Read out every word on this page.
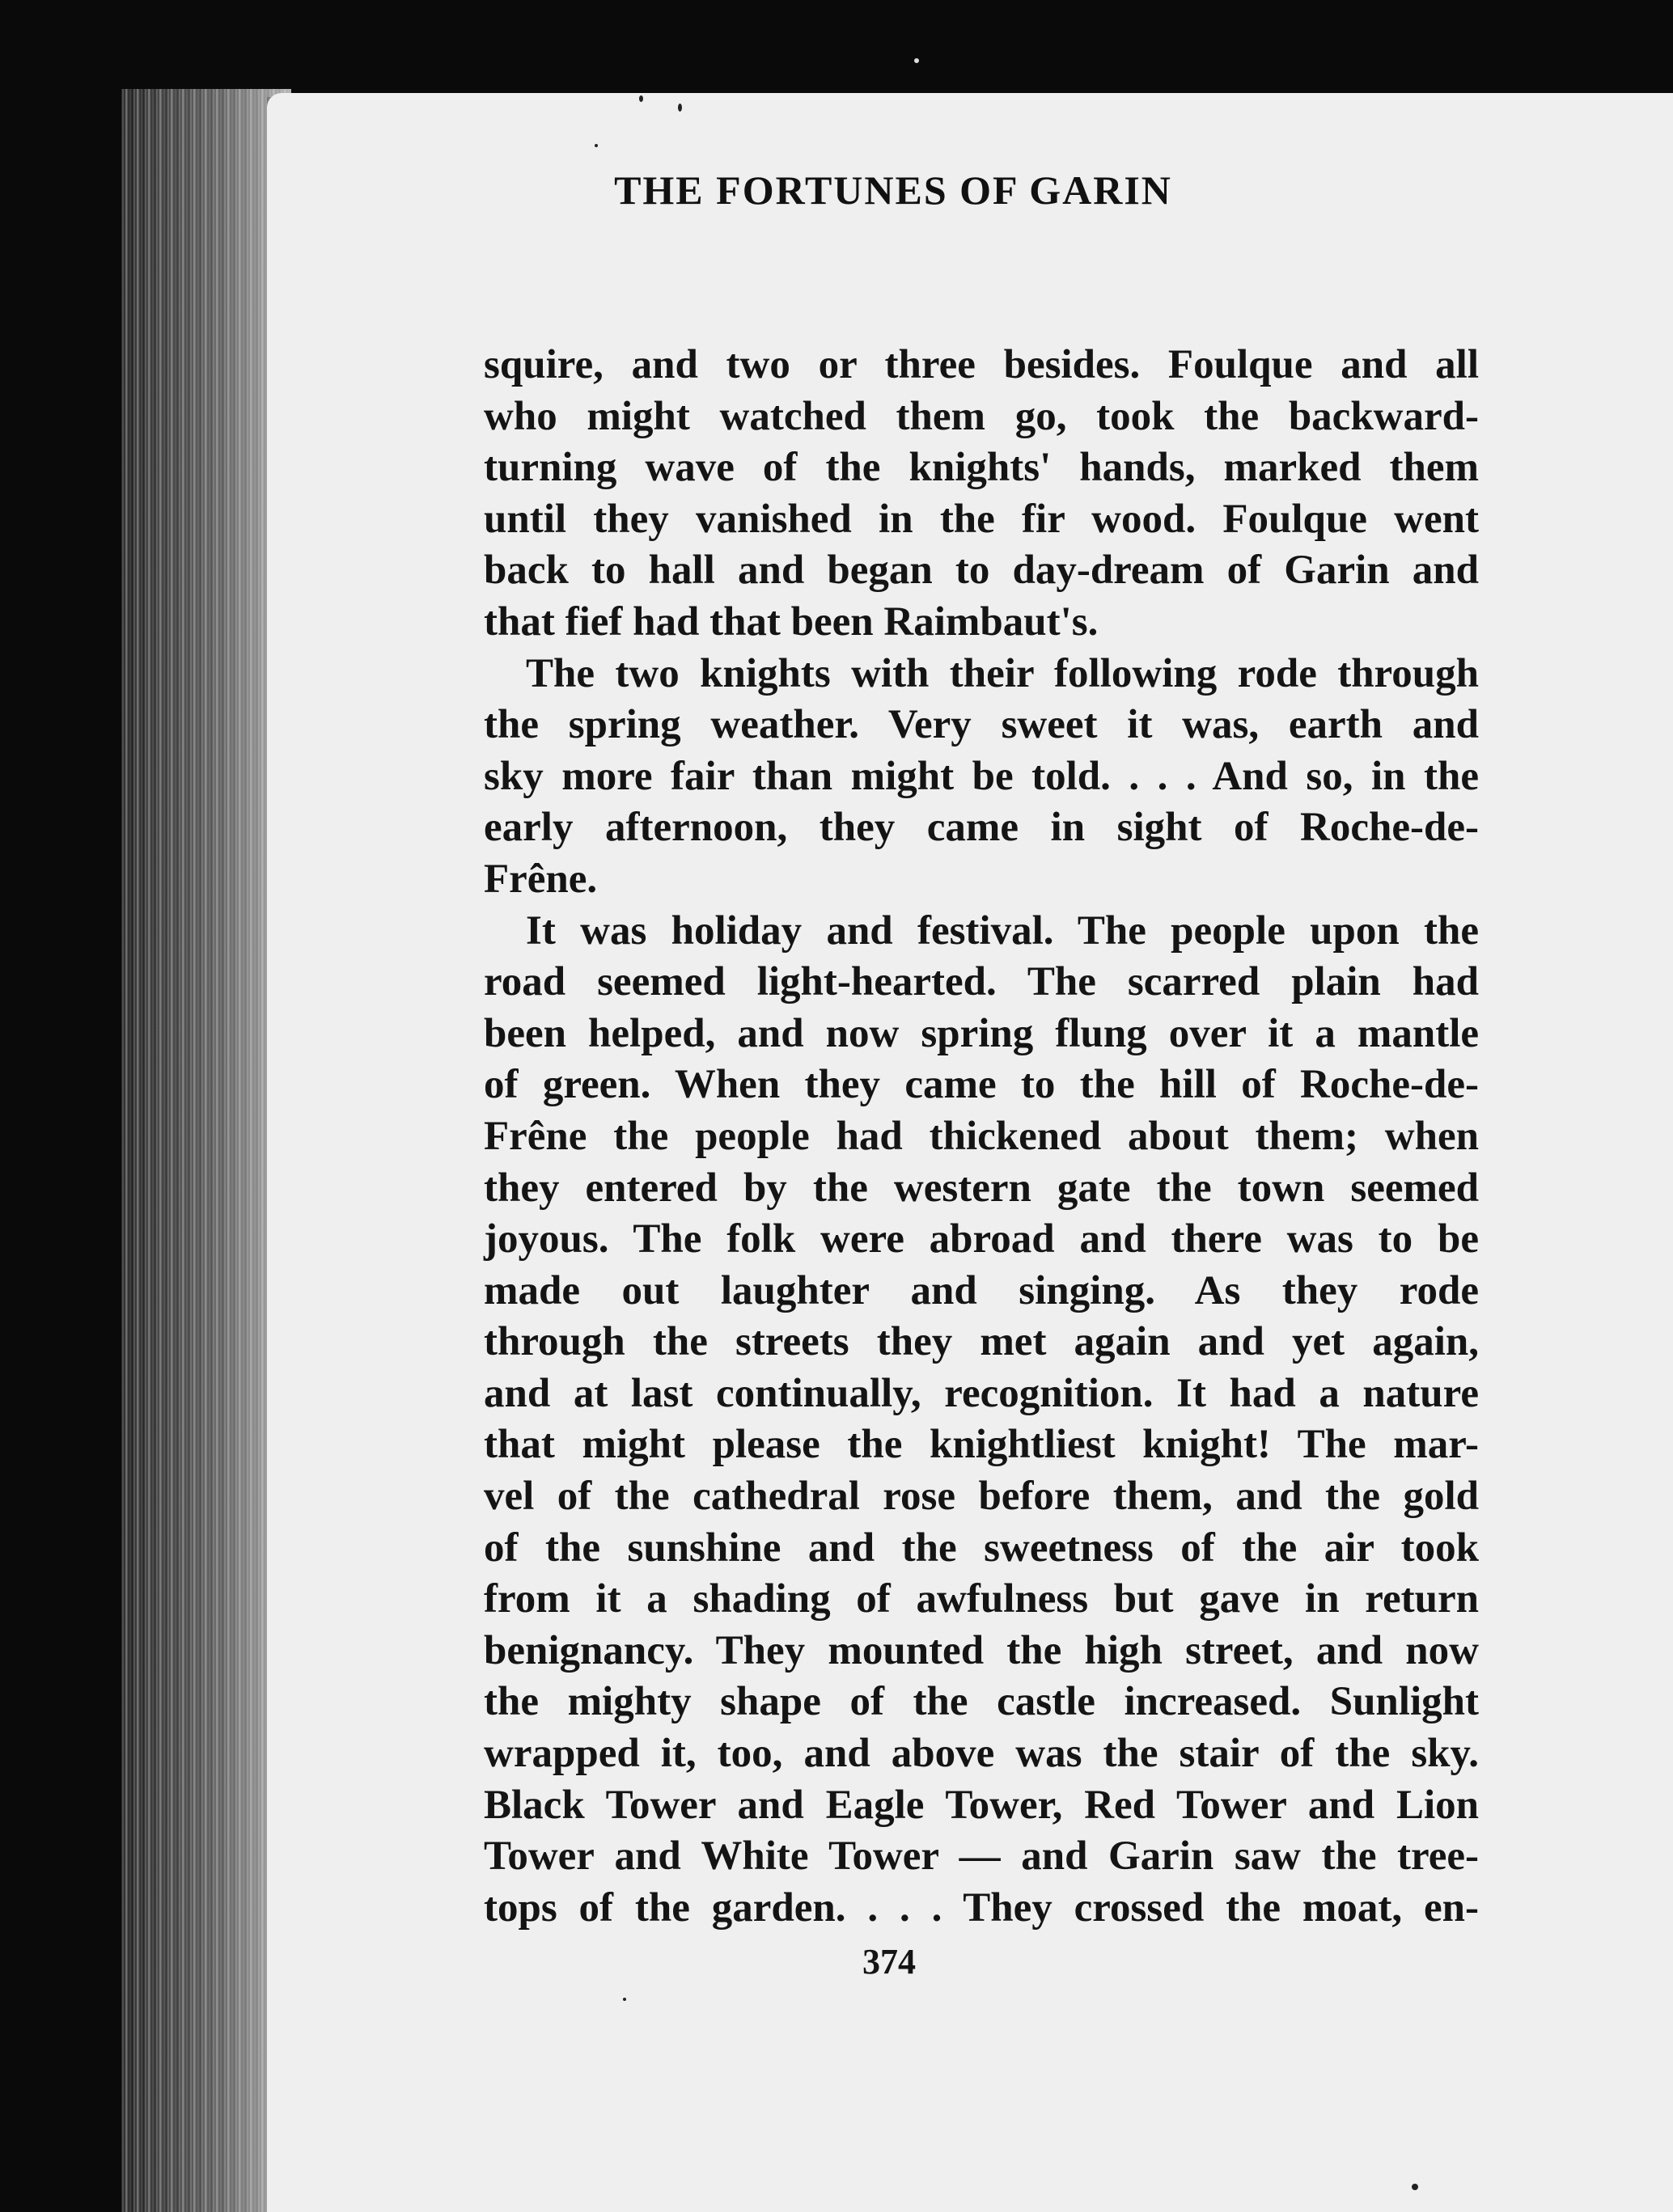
THE FORTUNES OF GARIN
squire, and two or three besides. Foulque and all
who might watched them go, took the backward-
turning wave of the knights' hands, marked them
until they vanished in the fir wood. Foulque went
back to hall and began to day-dream of Garin and
that fief had that been Raimbaut's.
The two knights with their following rode through
the spring weather. Very sweet it was, earth and
sky more fair than might be told. . . . And so, in the
early afternoon, they came in sight of Roche-de-
Frêne.
It was holiday and festival. The people upon the
road seemed light-hearted. The scarred plain had
been helped, and now spring flung over it a mantle
of green. When they came to the hill of Roche-de-
Frêne the people had thickened about them; when
they entered by the western gate the town seemed
joyous. The folk were abroad and there was to be
made out laughter and singing. As they rode
through the streets they met again and yet again,
and at last continually, recognition. It had a nature
that might please the knightliest knight! The mar-
vel of the cathedral rose before them, and the gold
of the sunshine and the sweetness of the air took
from it a shading of awfulness but gave in return
benignancy. They mounted the high street, and now
the mighty shape of the castle increased. Sunlight
wrapped it, too, and above was the stair of the sky.
Black Tower and Eagle Tower, Red Tower and Lion
Tower and White Tower — and Garin saw the tree-
tops of the garden. . . . They crossed the moat, en-
374
